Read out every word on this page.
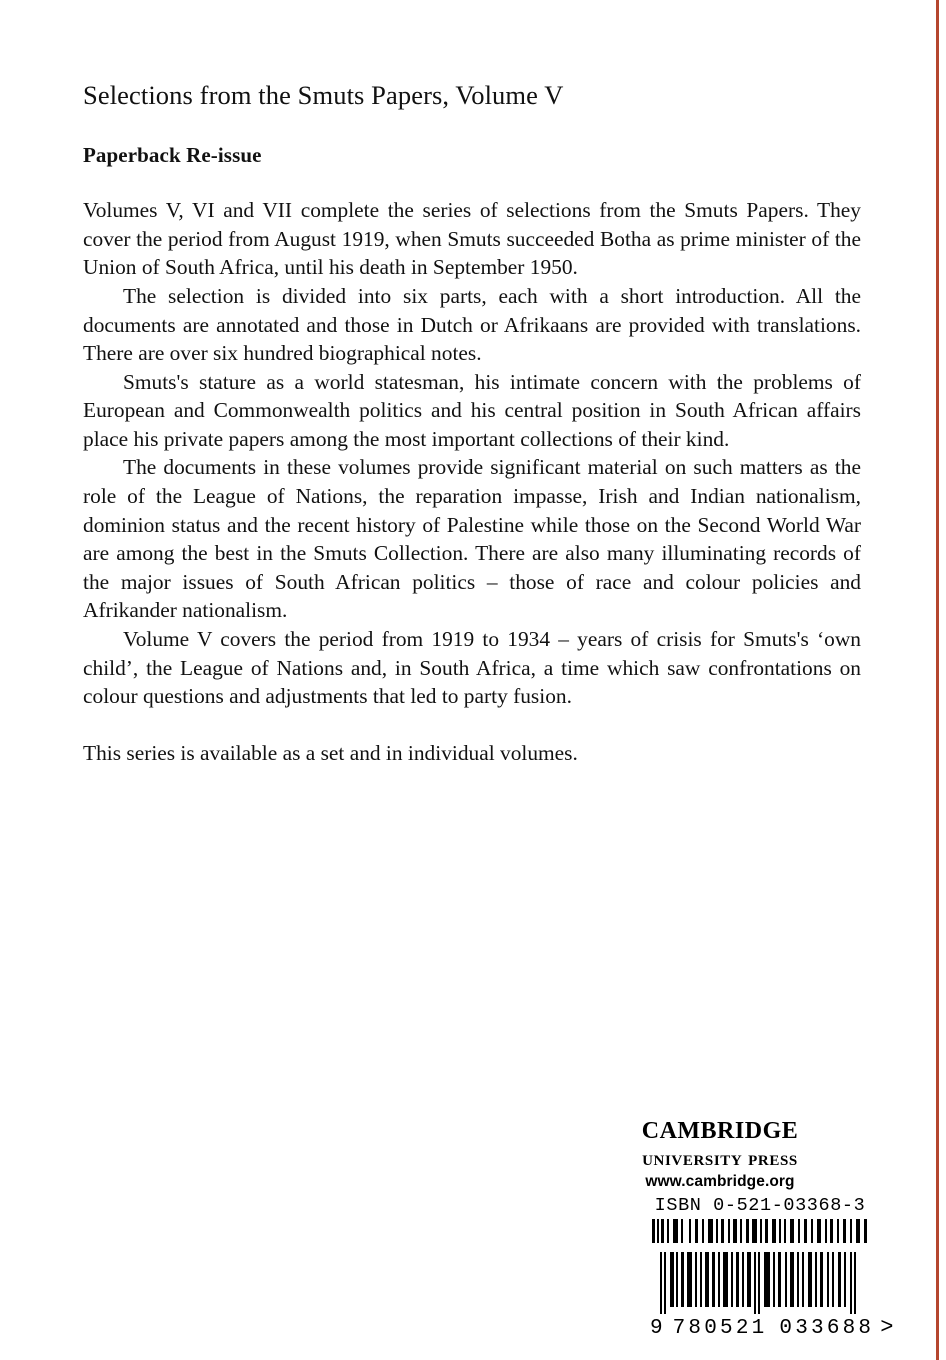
Selections from the Smuts Papers, Volume V
Paperback Re-issue

Volumes V, VI and VII complete the series of selections from the Smuts Papers. They cover the period from August 1919, when Smuts succeeded Botha as prime minister of the Union of South Africa, until his death in September 1950.

The selection is divided into six parts, each with a short introduction. All the documents are annotated and those in Dutch or Afrikaans are provided with translations. There are over six hundred biographical notes.

Smuts's stature as a world statesman, his intimate concern with the problems of European and Commonwealth politics and his central position in South African affairs place his private papers among the most important collections of their kind.

The documents in these volumes provide significant material on such matters as the role of the League of Nations, the reparation impasse, Irish and Indian nationalism, dominion status and the recent history of Palestine while those on the Second World War are among the best in the Smuts Collection. There are also many illuminating records of the major issues of South African politics – those of race and colour policies and Afrikander nationalism.

Volume V covers the period from 1919 to 1934 – years of crisis for Smuts's ‘own child’, the League of Nations and, in South Africa, a time which saw confrontations on colour questions and adjustments that led to party fusion.

This series is available as a set and in individual volumes.

cambridge
university press
www.cambridge.org
ISBN 0-521-03368-3
9 780521 033688 >
